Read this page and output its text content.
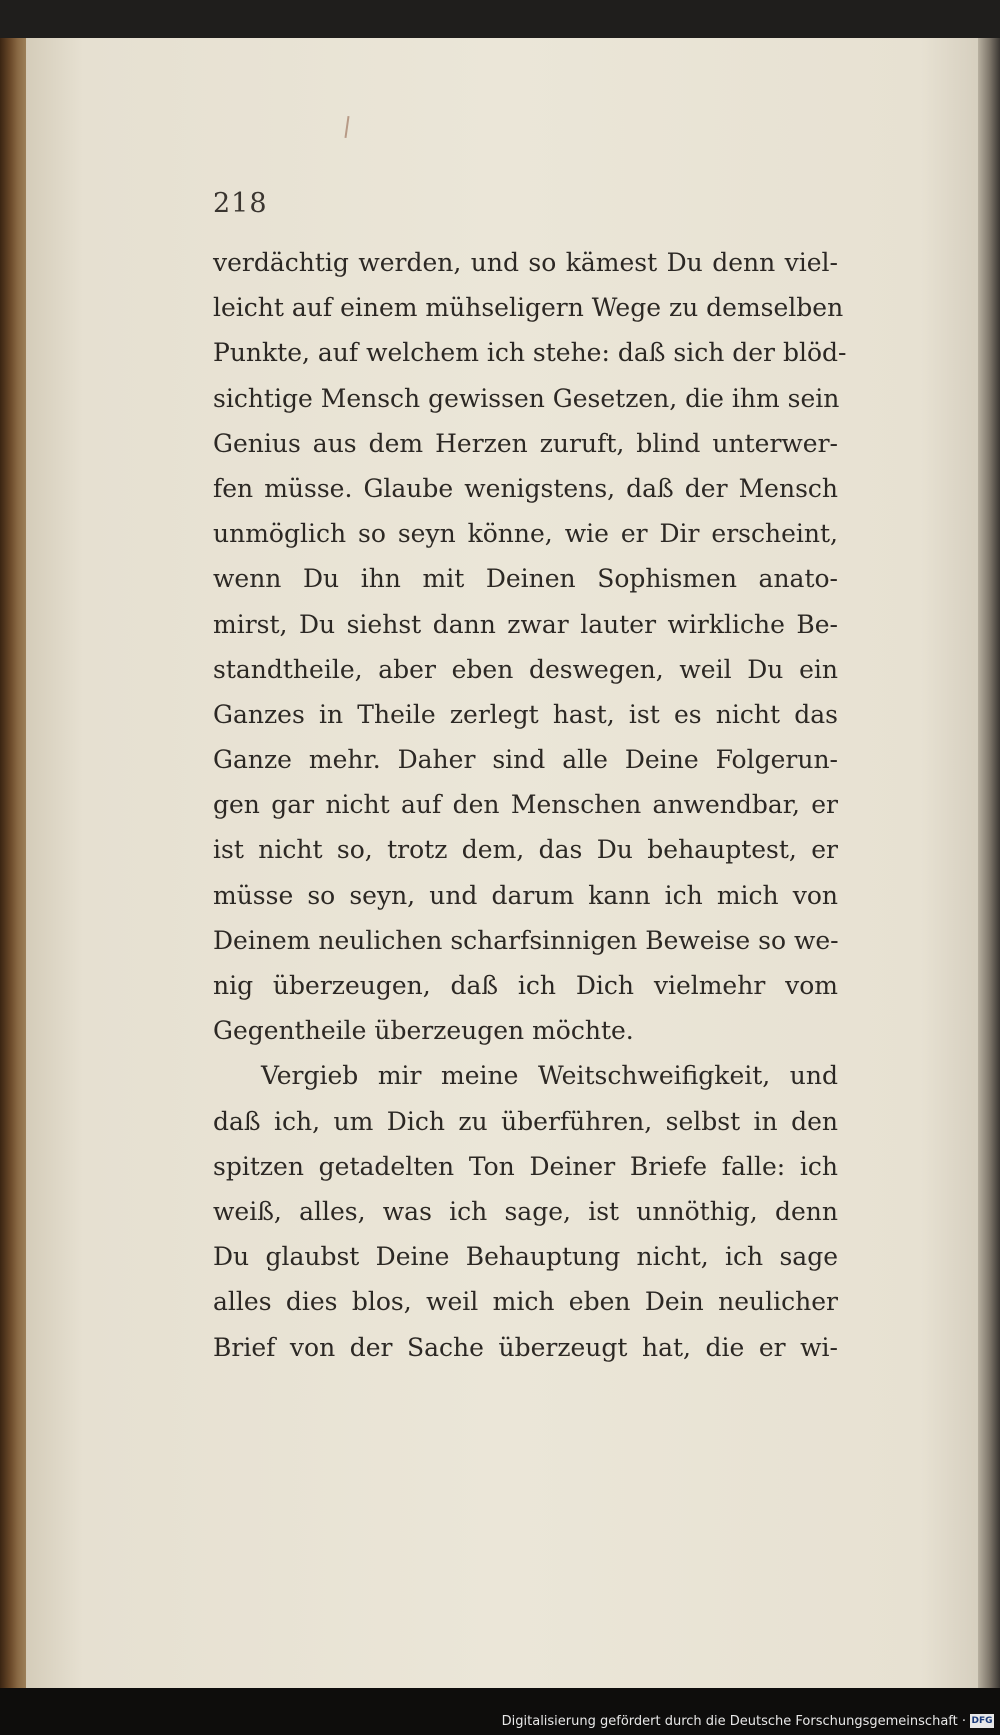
218
verdächtig werden, und so kämest Du denn viel-
leicht auf einem mühseligern Wege zu demselben
Punkte, auf welchem ich stehe: daß sich der blöd-
sichtige Mensch gewissen Gesetzen, die ihm sein
Genius aus dem Herzen zuruft, blind unterwer-
fen müsse. Glaube wenigstens, daß der Mensch
unmöglich so seyn könne, wie er Dir erscheint,
wenn Du ihn mit Deinen Sophismen anato-
mirst, Du siehst dann zwar lauter wirkliche Be-
standtheile, aber eben deswegen, weil Du ein
Ganzes in Theile zerlegt hast, ist es nicht das
Ganze mehr. Daher sind alle Deine Folgerun-
gen gar nicht auf den Menschen anwendbar, er
ist nicht so, trotz dem, das Du behauptest, er
müsse so seyn, und darum kann ich mich von
Deinem neulichen scharfsinnigen Beweise so we-
nig überzeugen, daß ich Dich vielmehr vom
Gegentheile überzeugen möchte.
Vergieb mir meine Weitschweifigkeit, und
daß ich, um Dich zu überführen, selbst in den
spitzen getadelten Ton Deiner Briefe falle: ich
weiß, alles, was ich sage, ist unnöthig, denn
Du glaubst Deine Behauptung nicht, ich sage
alles dies blos, weil mich eben Dein neulicher
Brief von der Sache überzeugt hat, die er wi-
Digitalisierung gefördert durch die Deutsche Forschungsgemeinschaft · DFG
